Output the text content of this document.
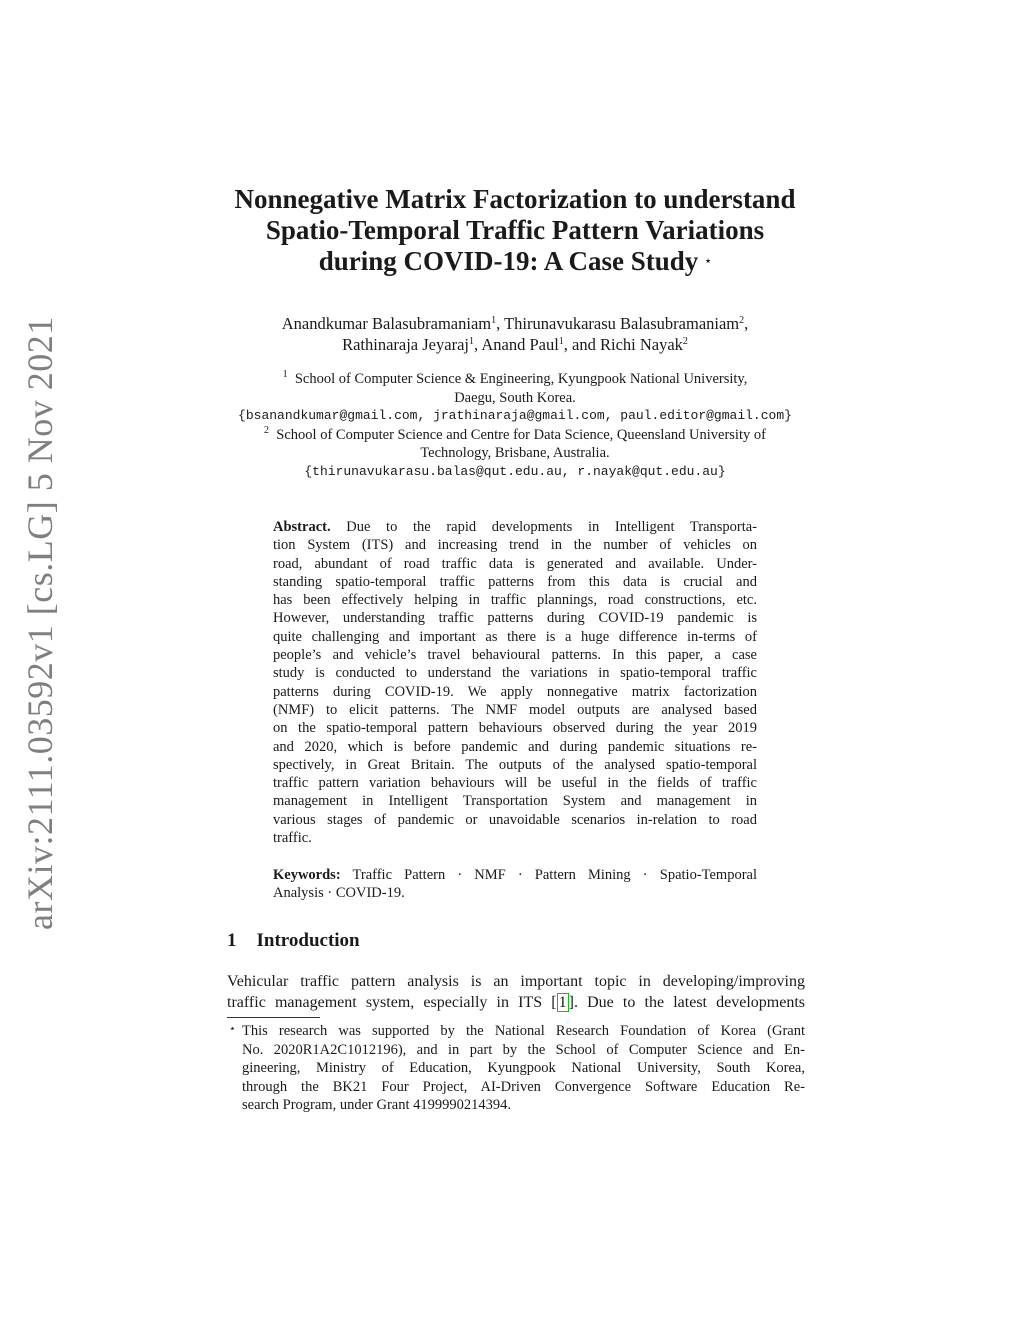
arXiv:2111.03592v1 [cs.LG] 5 Nov 2021
Nonnegative Matrix Factorization to understand
Spatio-Temporal Traffic Pattern Variations
during COVID-19: A Case Study ⋆
Anandkumar Balasubramaniam$^1$, Thirunavukarasu Balasubramaniam$^2$,
Rathinaraja Jeyaraj$^1$, Anand Paul$^1$, and Richi Nayak$^2$
$^1$ School of Computer Science & Engineering, Kyungpook National University,
Daegu, South Korea.
{bsanandkumar@gmail.com, jrathinaraja@gmail.com, paul.editor@gmail.com}
$^2$ School of Computer Science and Centre for Data Science, Queensland University of
Technology, Brisbane, Australia.
{thirunavukarasu.balas@qut.edu.au, r.nayak@qut.edu.au}
Abstract. Due to the rapid developments in Intelligent Transporta-
tion System (ITS) and increasing trend in the number of vehicles on
road, abundant of road traffic data is generated and available. Under-
standing spatio-temporal traffic patterns from this data is crucial and
has been effectively helping in traffic plannings, road constructions, etc.
However, understanding traffic patterns during COVID-19 pandemic is
quite challenging and important as there is a huge difference in-terms of
people’s and vehicle’s travel behavioural patterns. In this paper, a case
study is conducted to understand the variations in spatio-temporal traffic
patterns during COVID-19. We apply nonnegative matrix factorization
(NMF) to elicit patterns. The NMF model outputs are analysed based
on the spatio-temporal pattern behaviours observed during the year 2019
and 2020, which is before pandemic and during pandemic situations re-
spectively, in Great Britain. The outputs of the analysed spatio-temporal
traffic pattern variation behaviours will be useful in the fields of traffic
management in Intelligent Transportation System and management in
various stages of pandemic or unavoidable scenarios in-relation to road
traffic.
Keywords: Traffic Pattern · NMF · Pattern Mining · Spatio-Temporal
Analysis · COVID-19.
1 Introduction
Vehicular traffic pattern analysis is an important topic in developing/improving
traffic management system, especially in ITS [ 1 ]. Due to the latest developments
⋆ This research was supported by the National Research Foundation of Korea (Grant
No. 2020R1A2C1012196), and in part by the School of Computer Science and En-
gineering, Ministry of Education, Kyungpook National University, South Korea,
through the BK21 Four Project, AI-Driven Convergence Software Education Re-
search Program, under Grant 4199990214394.
